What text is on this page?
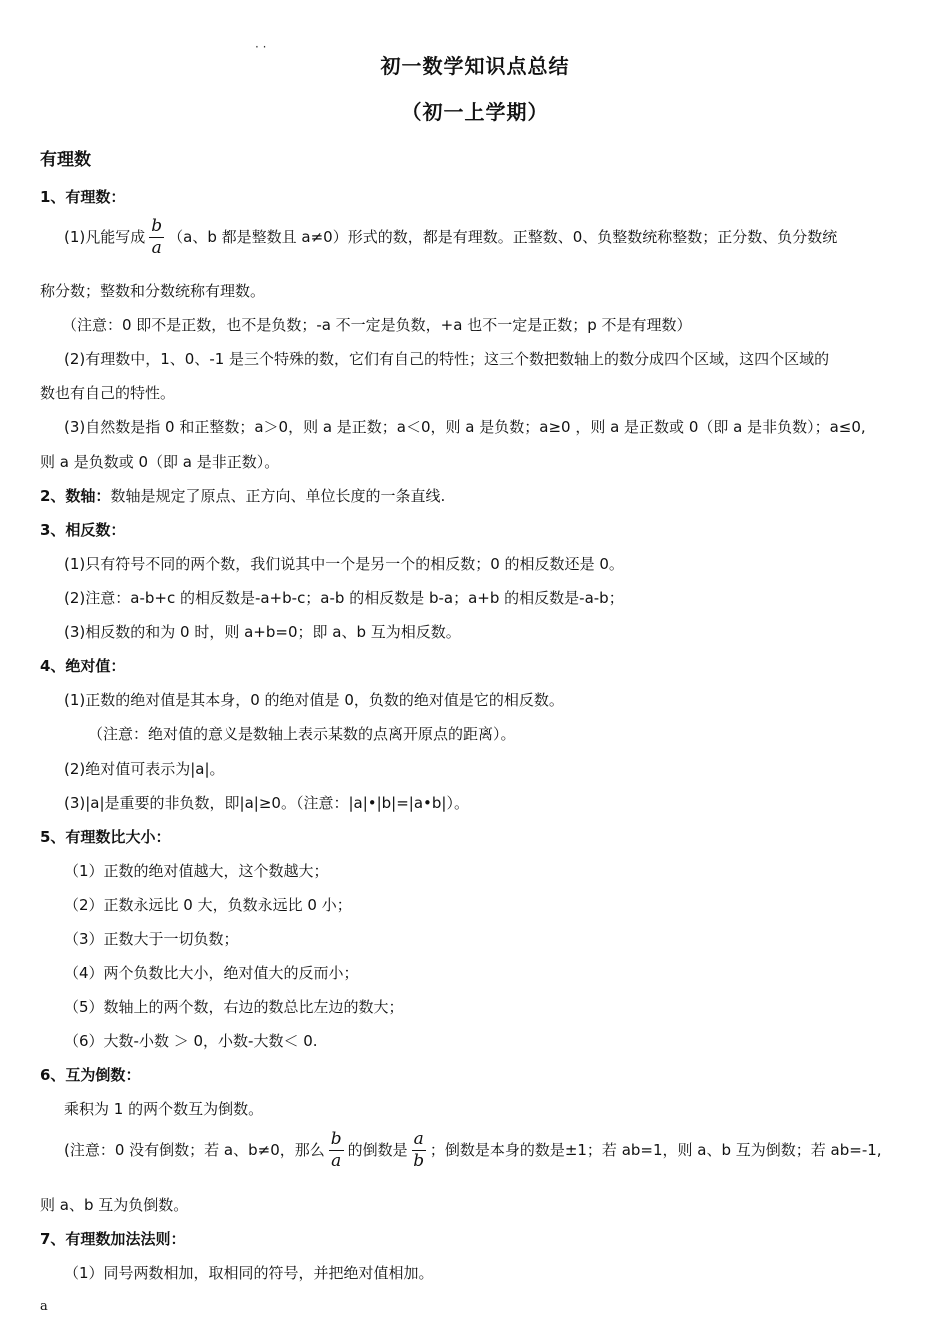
· ·
初一数学知识点总结
（初一上学期）
有理数
1、有理数：
(1)凡能写成 $\frac{b}{a} (a$、b 都是整数且 a≠0）形式的数，都是有理数。正整数、0、负整数统称整数；正分数、负分数统
称分数；整数和分数统称有理数。
（注意：0 即不是正数，也不是负数；-a 不一定是负数，+a 也不一定是正数；p 不是有理数）
(2)有理数中，1、0、-1 是三个特殊的数，它们有自己的特性；这三个数把数轴上的数分成四个区域，这四个区域的
数也有自己的特性。
(3)自然数是指 0 和正整数；a＞0，则 a 是正数；a＜0，则 a 是负数；a≥0 ，则 a 是正数或 0（即 a 是非负数）；a≤0,
则 a 是负数或 0（即 a 是非正数）。
2、数轴：数轴是规定了原点、正方向、单位长度的一条直线.
3、相反数：
(1)只有符号不同的两个数，我们说其中一个是另一个的相反数；0 的相反数还是 0。
(2)注意：a-b+c 的相反数是-a+b-c；a-b 的相反数是 b-a；a+b 的相反数是-a-b；
(3)相反数的和为 0 时，则 a+b=0；即 a、b 互为相反数。
4、绝对值：
(1)正数的绝对值是其本身，0 的绝对值是 0，负数的绝对值是它的相反数。
（注意：绝对值的意义是数轴上表示某数的点离开原点的距离）。
(2)绝对值可表示为|a|。
(3)|a|是重要的非负数，即|a|≥0。（注意：|a|•|b|=|a•b|）。
5、有理数比大小：
（1）正数的绝对值越大，这个数越大；
（2）正数永远比 0 大，负数永远比 0 小；
（3）正数大于一切负数；
（4）两个负数比大小，绝对值大的反而小；
（5）数轴上的两个数，右边的数总比左边的数大；
（6）大数-小数 ＞ 0，小数-大数＜ 0.
6、互为倒数：
乘积为 1 的两个数互为倒数。
(注意：0 没有倒数；若 a、b≠0，那么 $\frac{b}{a}$ 的倒数是 $\frac{a}{b}$ ；倒数是本身的数是±1；若 ab=1，则 a、b 互为倒数；若 ab=-1,
则 a、b 互为负倒数。
7、有理数加法法则：
（1）同号两数相加，取相同的符号，并把绝对值相加。
a
